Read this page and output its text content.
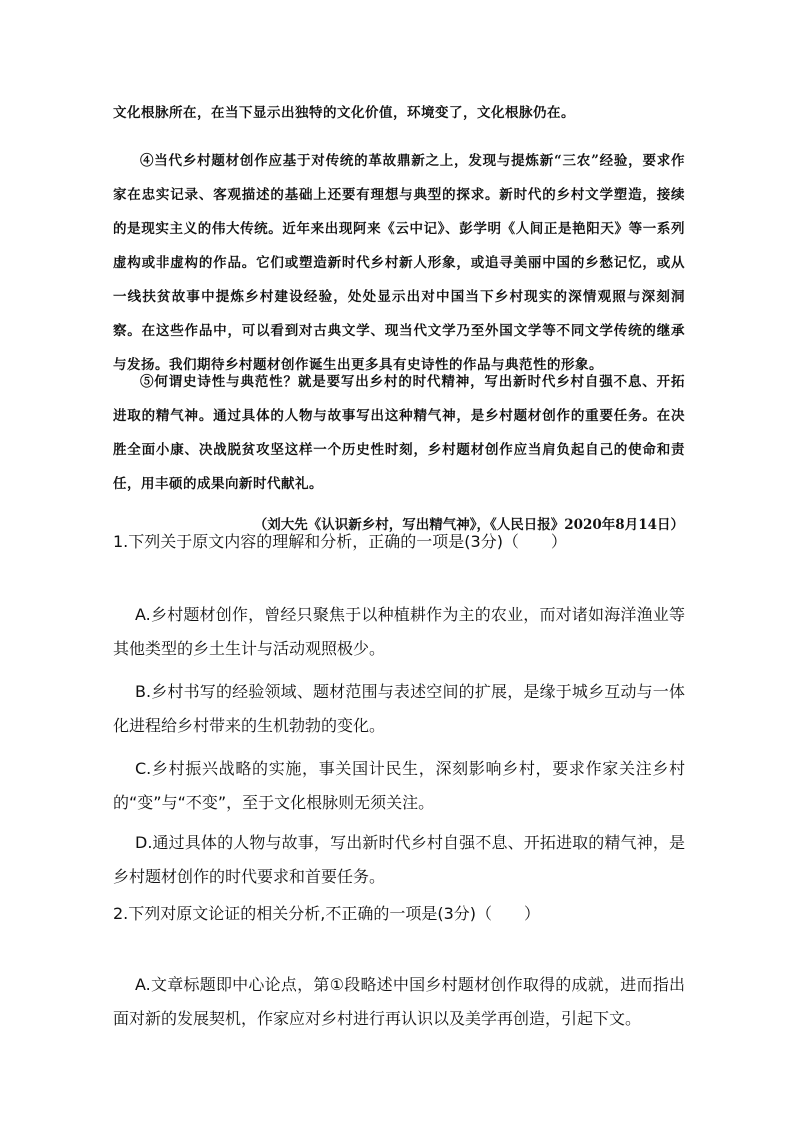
文化根脉所在，在当下显示出独特的文化价值，环境变了，文化根脉仍在。

④当代乡村题材创作应基于对传统的革故鼎新之上，发现与提炼新“三农”经验，要求作家在忠实记录、客观描述的基础上还要有理想与典型的探求。新时代的乡村文学塑造，接续的是现实主义的伟大传统。近年来出现阿来《云中记》、彭学明《人间正是艳阳天》等一系列虚构或非虚构的作品。它们或塑造新时代乡村新人形象，或追寻美丽中国的乡愁记忆，或从一线扶贫故事中提炼乡村建设经验，处处显示出对中国当下乡村现实的深情观照与深刻洞察。在这些作品中，可以看到对古典文学、现当代文学乃至外国文学等不同文学传统的继承与发扬。我们期待乡村题材创作诞生出更多具有史诗性的作品与典范性的形象。

⑤何谓史诗性与典范性？就是要写出乡村的时代精神，写出新时代乡村自强不息、开拓进取的精气神。通过具体的人物与故事写出这种精气神，是乡村题材创作的重要任务。在决胜全面小康、决战脱贫攻坚这样一个历史性时刻，乡村题材创作应当肩负起自己的使命和责任，用丰硕的成果向新时代献礼。

（刘大先《认识新乡村，写出精气神》，《人民日报》2020年8月14日）

1.下列关于原文内容的理解和分析，正确的一项是(3分)（　　）

A.乡村题材创作，曾经只聚焦于以种植耕作为主的农业，而对诸如海洋渔业等其他类型的乡土生计与活动观照极少。

B.乡村书写的经验领域、题材范围与表述空间的扩展，是缘于城乡互动与一体化进程给乡村带来的生机勃勃的变化。

C.乡村振兴战略的实施，事关国计民生，深刻影响乡村，要求作家关注乡村的“变”与“不变”，至于文化根脉则无须关注。

D.通过具体的人物与故事，写出新时代乡村自强不息、开拓进取的精气神，是乡村题材创作的时代要求和首要任务。

2.下列对原文论证的相关分析,不正确的一项是(3分)（　　）

A.文章标题即中心论点，第①段略述中国乡村题材创作取得的成就，进而指出面对新的发展契机，作家应对乡村进行再认识以及美学再创造，引起下文。
